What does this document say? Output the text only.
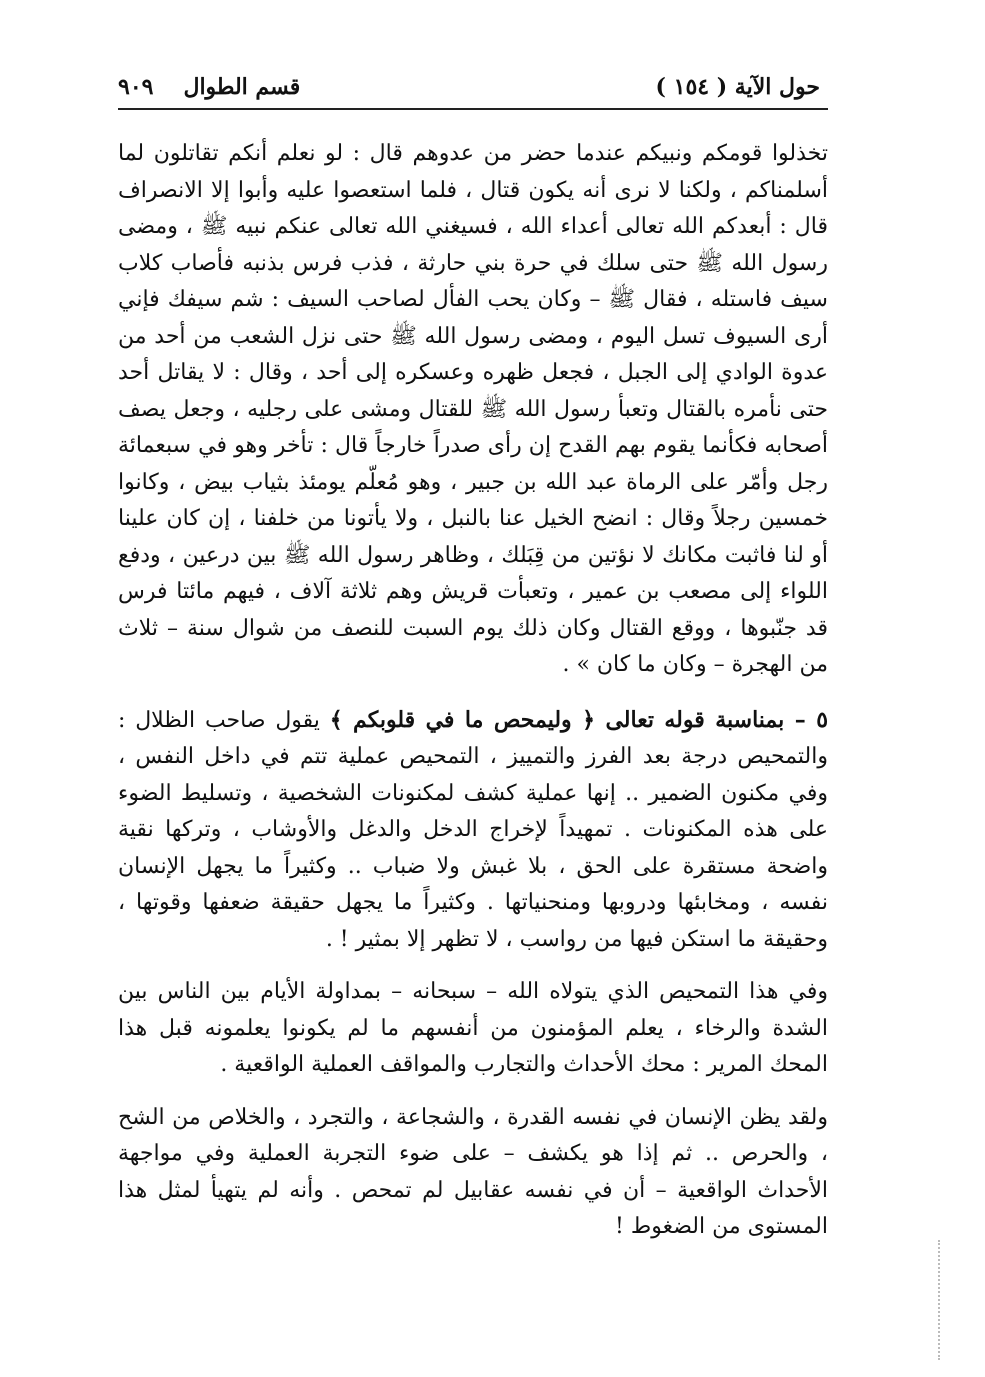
حول الآية ( ١٥٤ )
قسم الطوال
٩٠٩

تخذلوا قومكم ونبيكم عندما حضر من عدوهم قال : لو نعلم أنكم تقاتلون لما أسلمناكم ، ولكنا لا نرى أنه يكون قتال ، فلما استعصوا عليه وأبوا إلا الانصراف قال : أبعدكم الله تعالى أعداء الله ، فسيغني الله تعالى عنكم نبيه ﷺ ، ومضى رسول الله ﷺ حتى سلك في حرة بني حارثة ، فذب فرس بذنبه فأصاب كلاب سيف فاستله ، فقال ﷺ – وكان يحب الفأل لصاحب السيف : شم سيفك فإني أرى السيوف تسل اليوم ، ومضى رسول الله ﷺ حتى نزل الشعب من أحد من عدوة الوادي إلى الجبل ، فجعل ظهره وعسكره إلى أحد ، وقال : لا يقاتل أحد حتى نأمره بالقتال وتعبأ رسول الله ﷺ للقتال ومشى على رجليه ، وجعل يصف أصحابه فكأنما يقوم بهم القدح إن رأى صدراً خارجاً قال : تأخر وهو في سبعمائة رجل وأمّر على الرماة عبد الله بن جبير ، وهو مُعلّم يومئذ بثياب بيض ، وكانوا خمسين رجلاً وقال : انضح الخيل عنا بالنبل ، ولا يأتونا من خلفنا ، إن كان علينا أو لنا فاثبت مكانك لا نؤتين من قِبَلك ، وظاهر رسول الله ﷺ بين درعين ، ودفع اللواء إلى مصعب بن عمير ، وتعبأت قريش وهم ثلاثة آلاف ، فيهم مائتا فرس قد جنّبوها ، ووقع القتال وكان ذلك يوم السبت للنصف من شوال سنة – ثلاث من الهجرة – وكان ما كان » .

٥ – بمناسبة قوله تعالى ﴿ وليمحص ما في قلوبكم ﴾ يقول صاحب الظلال : والتمحيص درجة بعد الفرز والتمييز ، التمحيص عملية تتم في داخل النفس ، وفي مكنون الضمير .. إنها عملية كشف لمكنونات الشخصية ، وتسليط الضوء على هذه المكنونات . تمهيداً لإخراج الدخل والدغل والأوشاب ، وتركها نقية واضحة مستقرة على الحق ، بلا غبش ولا ضباب .. وكثيراً ما يجهل الإنسان نفسه ، ومخابئها ودروبها ومنحنياتها . وكثيراً ما يجهل حقيقة ضعفها وقوتها ، وحقيقة ما استكن فيها من رواسب ، لا تظهر إلا بمثير ! .

وفي هذا التمحيص الذي يتولاه الله – سبحانه – بمداولة الأيام بين الناس بين الشدة والرخاء ، يعلم المؤمنون من أنفسهم ما لم يكونوا يعلمونه قبل هذا المحك المرير : محك الأحداث والتجارب والمواقف العملية الواقعية .

ولقد يظن الإنسان في نفسه القدرة ، والشجاعة ، والتجرد ، والخلاص من الشح ، والحرص .. ثم إذا هو يكشف – على ضوء التجربة العملية وفي مواجهة الأحداث الواقعية – أن في نفسه عقابيل لم تمحص . وأنه لم يتهيأ لمثل هذا المستوى من الضغوط !
